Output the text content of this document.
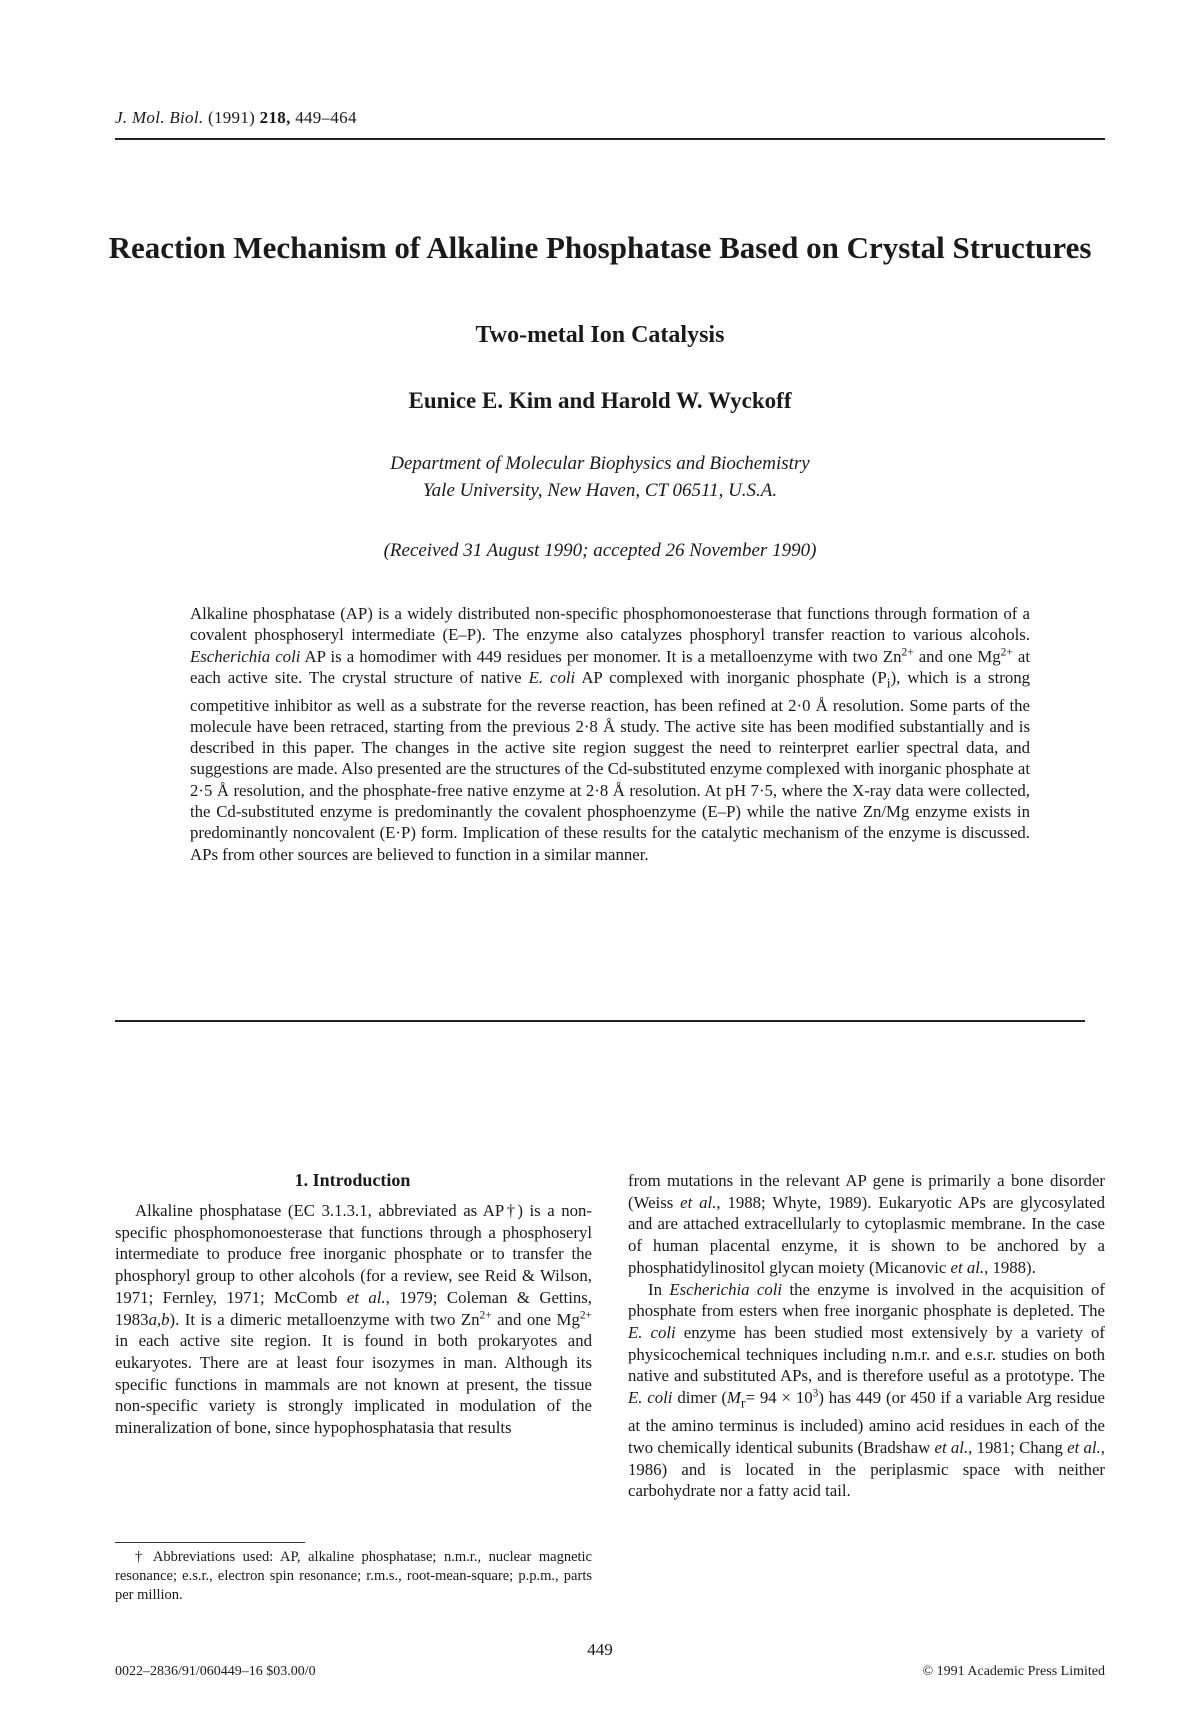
J. Mol. Biol. (1991) 218, 449–464
Reaction Mechanism of Alkaline Phosphatase Based on Crystal Structures
Two-metal Ion Catalysis
Eunice E. Kim and Harold W. Wyckoff
Department of Molecular Biophysics and Biochemistry
Yale University, New Haven, CT 06511, U.S.A.
(Received 31 August 1990; accepted 26 November 1990)
Alkaline phosphatase (AP) is a widely distributed non-specific phosphomonoesterase that functions through formation of a covalent phosphoseryl intermediate (E–P). The enzyme also catalyzes phosphoryl transfer reaction to various alcohols. Escherichia coli AP is a homodimer with 449 residues per monomer. It is a metalloenzyme with two $Zn^{2+}$ and one $Mg^{2+}$ at each active site. The crystal structure of native E. coli AP complexed with inorganic phosphate $(P_i)$, which is a strong competitive inhibitor as well as a substrate for the reverse reaction, has been refined at 2·0 Å resolution. Some parts of the molecule have been retraced, starting from the previous 2·8 Å study. The active site has been modified substantially and is described in this paper. The changes in the active site region suggest the need to reinterpret earlier spectral data, and suggestions are made. Also presented are the structures of the Cd-substituted enzyme complexed with inorganic phosphate at 2·5 Å resolution, and the phosphate-free native enzyme at 2·8 Å resolution. At pH 7·5, where the X-ray data were collected, the Cd-substituted enzyme is predominantly the covalent phosphoenzyme (E–P) while the native Zn/Mg enzyme exists in predominantly noncovalent (E·P) form. Implication of these results for the catalytic mechanism of the enzyme is discussed. APs from other sources are believed to function in a similar manner.
1. Introduction
Alkaline phosphatase (EC 3.1.3.1, abbreviated as AP†) is a non-specific phosphomonoesterase that functions through a phosphoseryl intermediate to produce free inorganic phosphate or to transfer the phosphoryl group to other alcohols (for a review, see Reid & Wilson, 1971; Fernley, 1971; McComb et al., 1979; Coleman & Gettins, 1983a,b). It is a dimeric metalloenzyme with two $Zn^{2+}$ and one $Mg^{2+}$ in each active site region. It is found in both prokaryotes and eukaryotes. There are at least four isozymes in man. Although its specific functions in mammals are not known at present, the tissue non-specific variety is strongly implicated in modulation of the mineralization of bone, since hypophosphatasia that results

from mutations in the relevant AP gene is primarily a bone disorder (Weiss et al., 1988; Whyte, 1989). Eukaryotic APs are glycosylated and are attached extracellularly to cytoplasmic membrane. In the case of human placental enzyme, it is shown to be anchored by a phosphatidylinositol glycan moiety (Micanovic et al., 1988).

In Escherichia coli the enzyme is involved in the acquisition of phosphate from esters when free inorganic phosphate is depleted. The E. coli enzyme has been studied most extensively by a variety of physicochemical techniques including n.m.r. and e.s.r. studies on both native and substituted APs, and is therefore useful as a prototype. The E. coli dimer $(M_r= 94 \times 10^3)$ has 449 (or 450 if a variable Arg residue at the amino terminus is included) amino acid residues in each of the two chemically identical subunits (Bradshaw et al., 1981; Chang et al., 1986) and is located in the periplasmic space with neither carbohydrate nor a fatty acid tail.

† Abbreviations used: AP, alkaline phosphatase; n.m.r., nuclear magnetic resonance; e.s.r., electron spin resonance; r.m.s., root-mean-square; p.p.m., parts per million.
449
0022–2836/91/060449–16 $03.00/0	© 1991 Academic Press Limited
